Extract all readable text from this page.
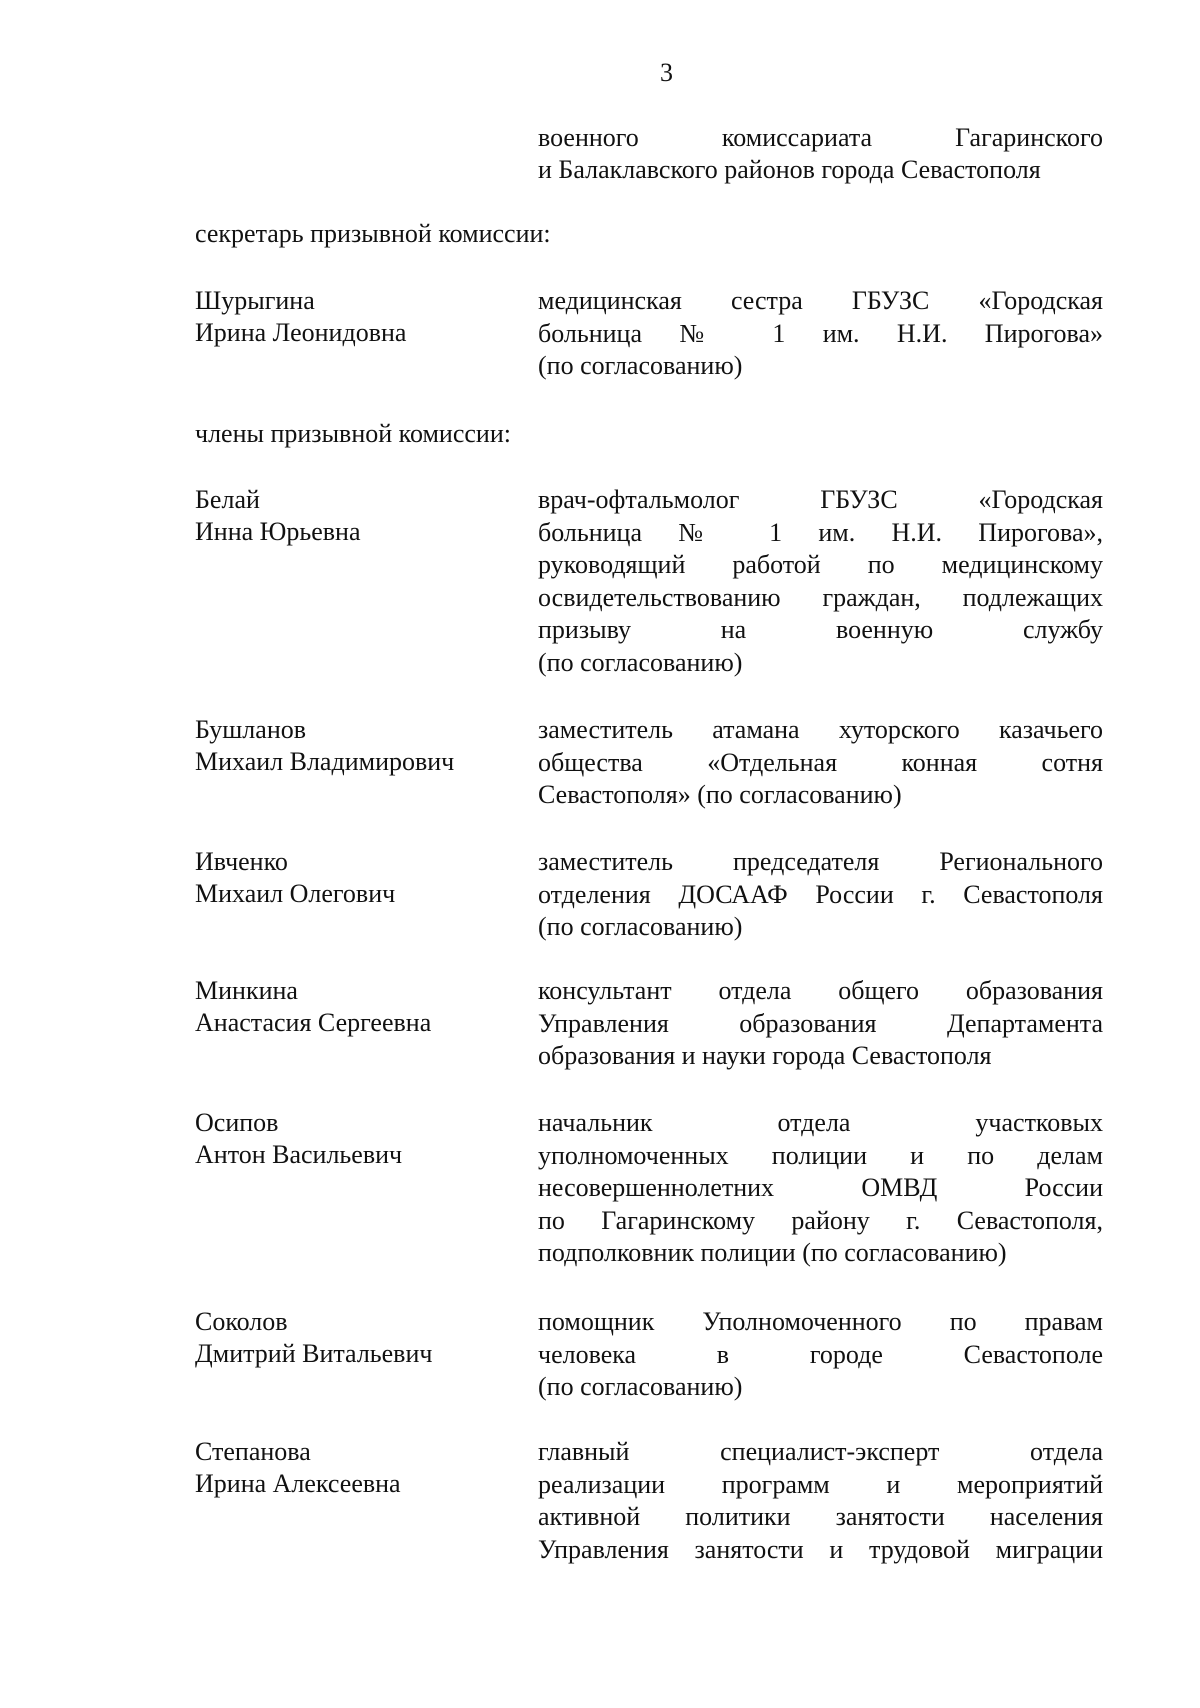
3
военного комиссариата Гагаринского
и Балаклавского районов города Севастополя
секретарь призывной комиссии:
Шурыгина
Ирина Леонидовна
медицинская сестра ГБУЗС «Городская
больница № 1 им. Н.И. Пирогова»
(по согласованию)
члены призывной комиссии:
Белай
Инна Юрьевна
врач-офтальмолог ГБУЗС «Городская
больница № 1 им. Н.И. Пирогова»,
руководящий работой по медицинскому
освидетельствованию граждан, подлежащих
призыву на военную службу
(по согласованию)
Бушланов
Михаил Владимирович
заместитель атамана хуторского казачьего
общества «Отдельная конная сотня
Севастополя» (по согласованию)
Ивченко
Михаил Олегович
заместитель председателя Регионального
отделения ДОСААФ России г. Севастополя
(по согласованию)
Минкина
Анастасия Сергеевна
консультант отдела общего образования
Управления образования Департамента
образования и науки города Севастополя
Осипов
Антон Васильевич
начальник отдела участковых
уполномоченных полиции и по делам
несовершеннолетних ОМВД России
по Гагаринскому району г. Севастополя,
подполковник полиции (по согласованию)
Соколов
Дмитрий Витальевич
помощник Уполномоченного по правам
человека в городе Севастополе
(по согласованию)
Степанова
Ирина Алексеевна
главный специалист-эксперт отдела
реализации программ и мероприятий
активной политики занятости населения
Управления занятости и трудовой миграции
